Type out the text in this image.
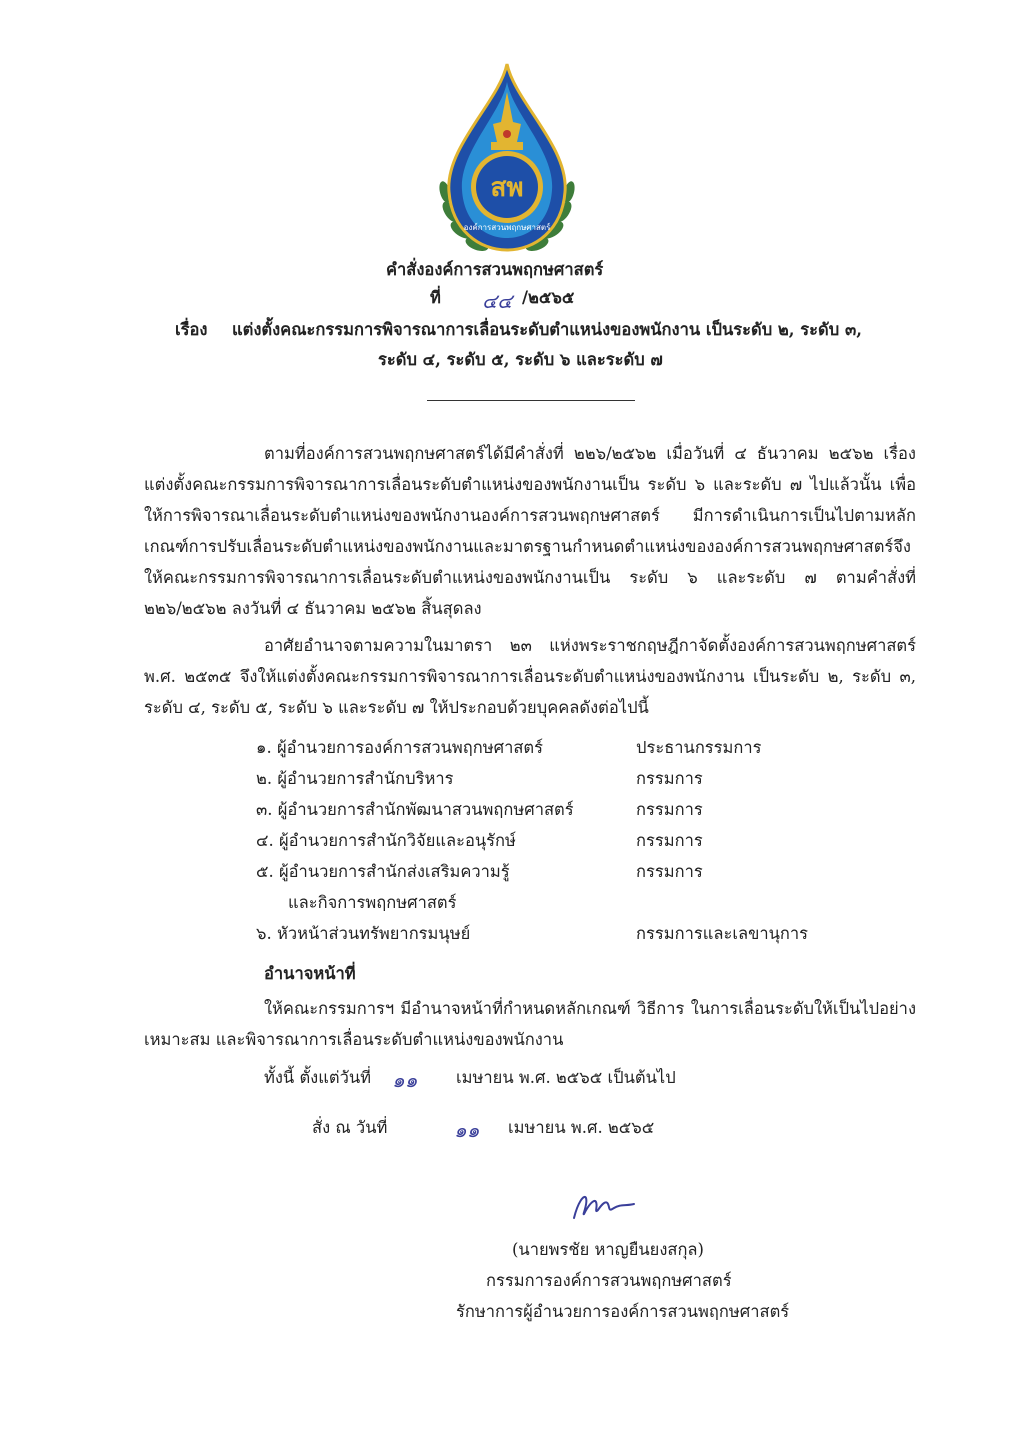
สพ
องค์การสวนพฤกษศาสตร์
คำสั่งองค์การสวนพฤกษศาสตร์
ที่ ๔๔ /๒๕๖๕
เรื่อง แต่งตั้งคณะกรรมการพิจารณาการเลื่อนระดับตำแหน่งของพนักงาน เป็นระดับ ๒, ระดับ ๓,
ระดับ ๔, ระดับ ๕, ระดับ ๖ และระดับ ๗
ตามที่องค์การสวนพฤกษศาสตร์ได้มีคำสั่งที่ ๒๒๖/๒๕๖๒ เมื่อวันที่ ๔ ธันวาคม ๒๕๖๒ เรื่อง แต่งตั้งคณะกรรมการพิจารณาการเลื่อนระดับตำแหน่งของพนักงานเป็น ระดับ ๖ และระดับ ๗ ไปแล้วนั้น เพื่อให้การพิจารณาเลื่อนระดับตำแหน่งของพนักงานองค์การสวนพฤกษศาสตร์ มีการดำเนินการเป็นไปตามหลักเกณฑ์การปรับเลื่อนระดับตำแหน่งของพนักงานและมาตรฐานกำหนดตำแหน่งขององค์การสวนพฤกษศาสตร์จึงให้คณะกรรมการพิจารณาการเลื่อนระดับตำแหน่งของพนักงานเป็น ระดับ ๖ และระดับ ๗ ตามคำสั่งที่ ๒๒๖/๒๕๖๒ ลงวันที่ ๔ ธันวาคม ๒๕๖๒ สิ้นสุดลง
อาศัยอำนาจตามความในมาตรา ๒๓ แห่งพระราชกฤษฎีกาจัดตั้งองค์การสวนพฤกษศาสตร์ พ.ศ. ๒๕๓๕ จึงให้แต่งตั้งคณะกรรมการพิจารณาการเลื่อนระดับตำแหน่งของพนักงาน เป็นระดับ ๒, ระดับ ๓, ระดับ ๔, ระดับ ๕, ระดับ ๖ และระดับ ๗ ให้ประกอบด้วยบุคคลดังต่อไปนี้
๑. ผู้อำนวยการองค์การสวนพฤกษศาสตร์	ประธานกรรมการ
๒. ผู้อำนวยการสำนักบริหาร	กรรมการ
๓. ผู้อำนวยการสำนักพัฒนาสวนพฤกษศาสตร์	กรรมการ
๔. ผู้อำนวยการสำนักวิจัยและอนุรักษ์	กรรมการ
๕. ผู้อำนวยการสำนักส่งเสริมความรู้	กรรมการ
และกิจการพฤกษศาสตร์
๖. หัวหน้าส่วนทรัพยากรมนุษย์	กรรมการและเลขานุการ
อำนาจหน้าที่
ให้คณะกรรมการฯ มีอำนาจหน้าที่กำหนดหลักเกณฑ์ วิธีการ ในการเลื่อนระดับให้เป็นไปอย่างเหมาะสม และพิจารณาการเลื่อนระดับตำแหน่งของพนักงาน
ทั้งนี้ ตั้งแต่วันที่ ๑๑ เมษายน พ.ศ. ๒๕๖๕ เป็นต้นไป
สั่ง ณ วันที่	๑๑ เมษายน พ.ศ. ๒๕๖๕
(นายพรชัย หาญยืนยงสกุล)
กรรมการองค์การสวนพฤกษศาสตร์
รักษาการผู้อำนวยการองค์การสวนพฤกษศาสตร์
